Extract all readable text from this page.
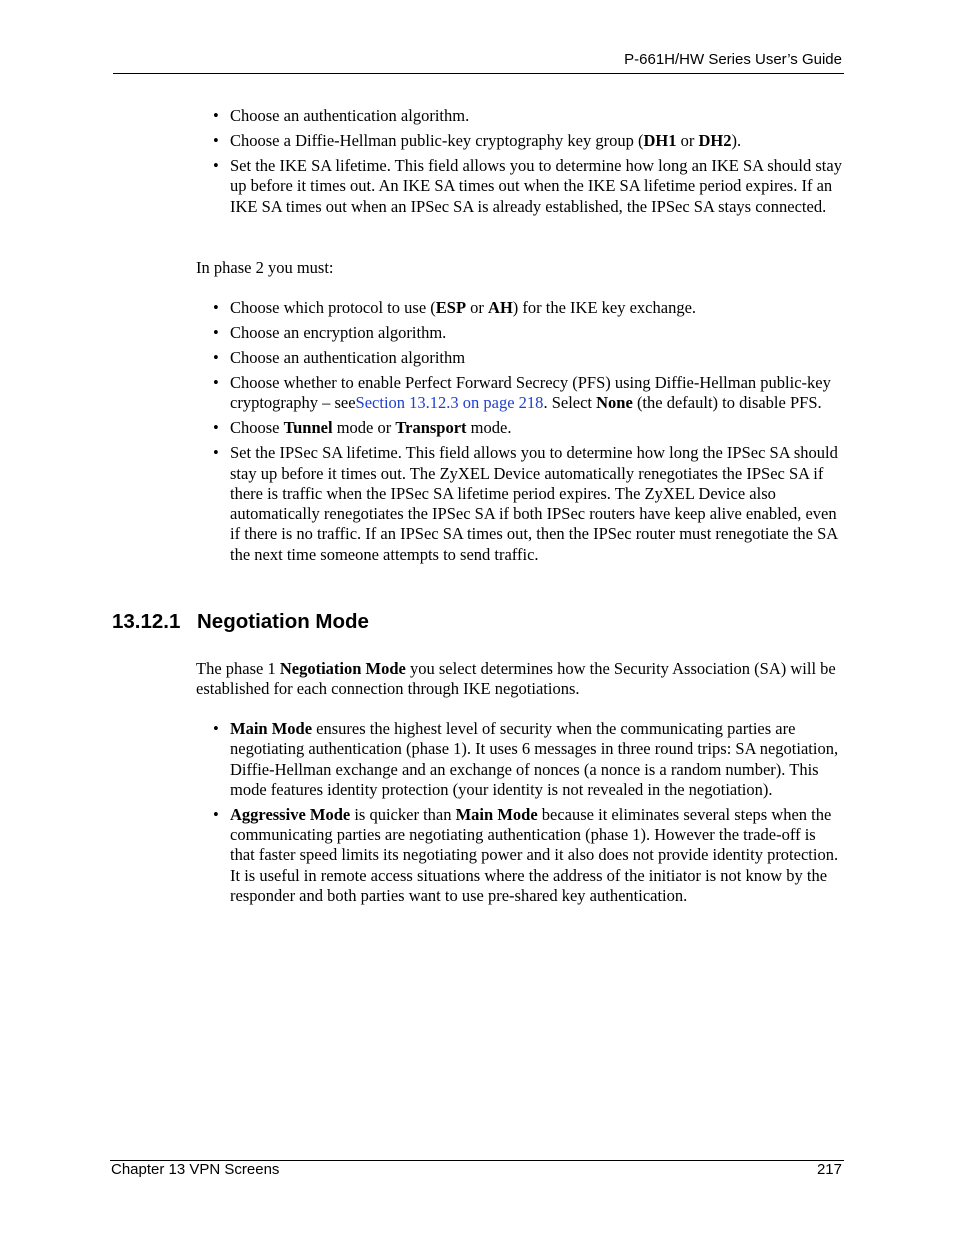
P-661H/HW Series User’s Guide
• Choose an authentication algorithm.
• Choose a Diffie-Hellman public-key cryptography key group (DH1 or DH2).
• Set the IKE SA lifetime. This field allows you to determine how long an IKE SA should stay up before it times out. An IKE SA times out when the IKE SA lifetime period expires. If an IKE SA times out when an IPSec SA is already established, the IPSec SA stays connected.

In phase 2 you must:

• Choose which protocol to use (ESP or AH) for the IKE key exchange.
• Choose an encryption algorithm.
• Choose an authentication algorithm
• Choose whether to enable Perfect Forward Secrecy (PFS) using Diffie-Hellman public-key cryptography – seeSection 13.12.3 on page 218. Select None (the default) to disable PFS.
• Choose Tunnel mode or Transport mode.
• Set the IPSec SA lifetime. This field allows you to determine how long the IPSec SA should stay up before it times out. The ZyXEL Device automatically renegotiates the IPSec SA if there is traffic when the IPSec SA lifetime period expires. The ZyXEL Device also automatically renegotiates the IPSec SA if both IPSec routers have keep alive enabled, even if there is no traffic. If an IPSec SA times out, then the IPSec router must renegotiate the SA the next time someone attempts to send traffic.
13.12.1 Negotiation Mode

The phase 1 Negotiation Mode you select determines how the Security Association (SA) will be established for each connection through IKE negotiations.

• Main Mode ensures the highest level of security when the communicating parties are negotiating authentication (phase 1). It uses 6 messages in three round trips: SA negotiation, Diffie-Hellman exchange and an exchange of nonces (a nonce is a random number). This mode features identity protection (your identity is not revealed in the negotiation).
• Aggressive Mode is quicker than Main Mode because it eliminates several steps when the communicating parties are negotiating authentication (phase 1). However the trade-off is that faster speed limits its negotiating power and it also does not provide identity protection. It is useful in remote access situations where the address of the initiator is not know by the responder and both parties want to use pre-shared key authentication.
Chapter 13 VPN Screens	217
